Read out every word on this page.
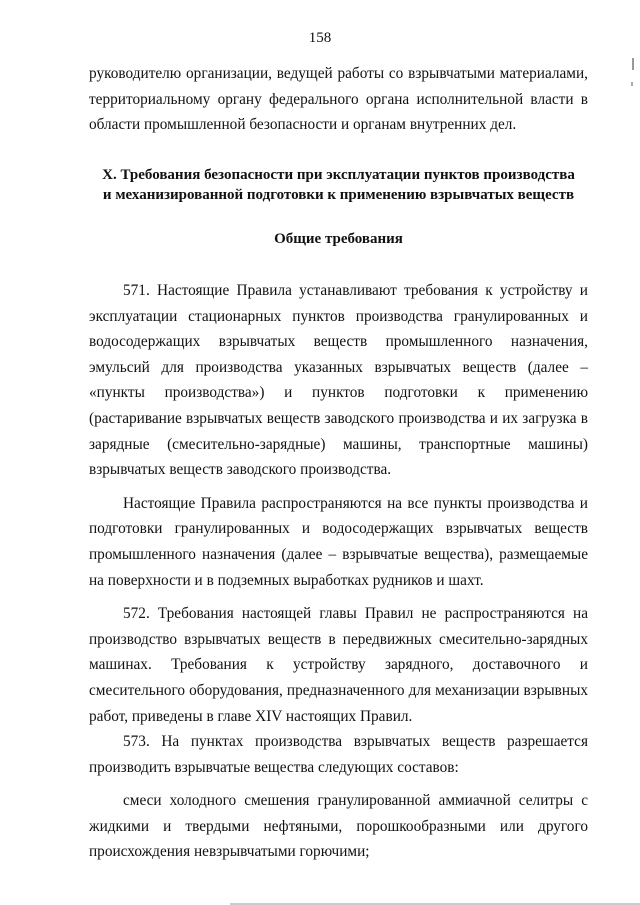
158

руководителю организации, ведущей работы со взрывчатыми материалами, территориальному органу федерального органа исполнительной власти в области промышленной безопасности и органам внутренних дел.

X. Требования безопасности при эксплуатации пунктов производства
и механизированной подготовки к применению взрывчатых веществ
Общие требования

571. Настоящие Правила устанавливают требования к устройству и эксплуатации стационарных пунктов производства гранулированных и водосодержащих взрывчатых веществ промышленного назначения, эмульсий для производства указанных взрывчатых веществ (далее – «пункты производства») и пунктов подготовки к применению (растаривание взрывчатых веществ заводского производства и их загрузка в зарядные (смесительно-зарядные) машины, транспортные машины) взрывчатых веществ заводского производства.

Настоящие Правила распространяются на все пункты производства и подготовки гранулированных и водосодержащих взрывчатых веществ промышленного назначения (далее – взрывчатые вещества), размещаемые на поверхности и в подземных выработках рудников и шахт.

572. Требования настоящей главы Правил не распространяются на производство взрывчатых веществ в передвижных смесительно-зарядных машинах. Требования к устройству зарядного, доставочного и смесительного оборудования, предназначенного для механизации взрывных работ, приведены в главе XIV настоящих Правил.

573. На пунктах производства взрывчатых веществ разрешается производить взрывчатые вещества следующих составов:

смеси холодного смешения гранулированной аммиачной селитры с жидкими и твердыми нефтяными, порошкообразными или другого происхождения невзрывчатыми горючими;
